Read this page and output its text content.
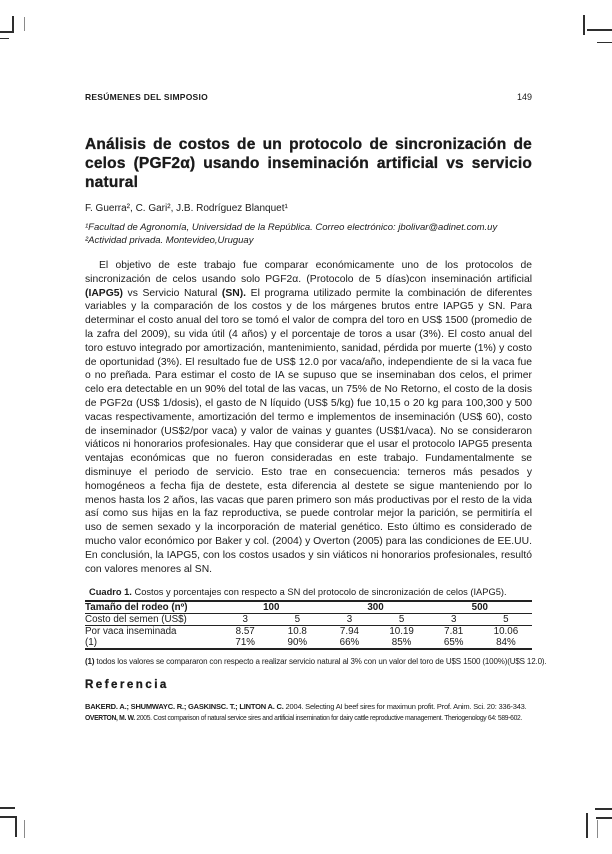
RESÚMENES DEL SIMPOSIO	149
Análisis de costos de un protocolo de sincronización de
celos (PGF2α) usando inseminación artificial vs servicio
natural
F. Guerra², C. Gari², J.B. Rodríguez Blanquet¹
¹Facultad de Agronomía, Universidad de la República. Correo electrónico: jbolivar@adinet.com.uy
²Actividad privada. Montevideo,Uruguay

El objetivo de este trabajo fue comparar económicamente uno de los protocolos de sincronización de celos usando solo PGF2α. (Protocolo de 5 días)con inseminación artificial (IAPG5) vs Servicio Natural (SN). El programa utilizado permite la combinación de diferentes variables y la comparación de los costos y de los márgenes brutos entre IAPG5 y SN. Para determinar el costo anual del toro se tomó el valor de compra del toro en US$ 1500 (promedio de la zafra del 2009), su vida útil (4 años) y el porcentaje de toros a usar (3%). El costo anual del toro estuvo integrado por amortización, mantenimiento, sanidad, pérdida por muerte (1%) y costo de oportunidad (3%). El resultado fue de US$ 12.0 por vaca/año, independiente de si la vaca fue o no preñada. Para estimar el costo de IA se supuso que se inseminaban dos celos, el primer celo era detectable en un 90% del total de las vacas, un 75% de No Retorno, el costo de la dosis de PGF2α (US$ 1/dosis), el gasto de N líquido (US$ 5/kg) fue 10,15 o 20 kg para 100,300 y 500 vacas respectivamente, amortización del termo e implementos de inseminación (US$ 60), costo de inseminador (US$2/por vaca) y valor de vainas y guantes (US$1/vaca). No se consideraron viáticos ni honorarios profesionales. Hay que considerar que el usar el protocolo IAPG5 presenta ventajas económicas que no fueron consideradas en este trabajo. Fundamentalmente se disminuye el periodo de servicio. Esto trae en consecuencia: terneros más pesados y homogéneos a fecha fija de destete, esta diferencia al destete se sigue manteniendo por lo menos hasta los 2 años, las vacas que paren primero son más productivas por el resto de la vida así como sus hijas en la faz reproductiva, se puede controlar mejor la parición, se permitiría el uso de semen sexado y la incorporación de material genético. Esto último es considerado de mucho valor económico por Baker y col. (2004) y Overton (2005) para las condiciones de EE.UU. En conclusión, la IAPG5, con los costos usados y sin viáticos ni honorarios profesionales, resultó con valores menores al SN.

Cuadro 1. Costos y porcentajes con respecto a SN del protocolo de sincronización de celos (IAPG5).
Tamaño del rodeo (nº)	100		300		500	
Costo del semen (US$)	3	5	3	5	3	5
Por vaca inseminada	8.57	10.8	7.94	10.19	7.81	10.06
(1)	71%	90%	66%	85%	65%	84%
(1) todos los valores se compararon con respecto a realizar servicio natural al 3% con un valor del toro de U$S 1500 (100%)(U$S 12.0).
Referencia
BAKERD. A.; SHUMWAYC. R.; GASKINSC. T.; LINTON A. C. 2004. Selecting AI beef sires for maximun profit. Prof. Anim. Sci. 20: 336-343.
OVERTON, M. W. 2005. Cost comparison of natural service sires and artificial insemination for dairy cattle reproductive management. Theriogenology 64: 589-602.
